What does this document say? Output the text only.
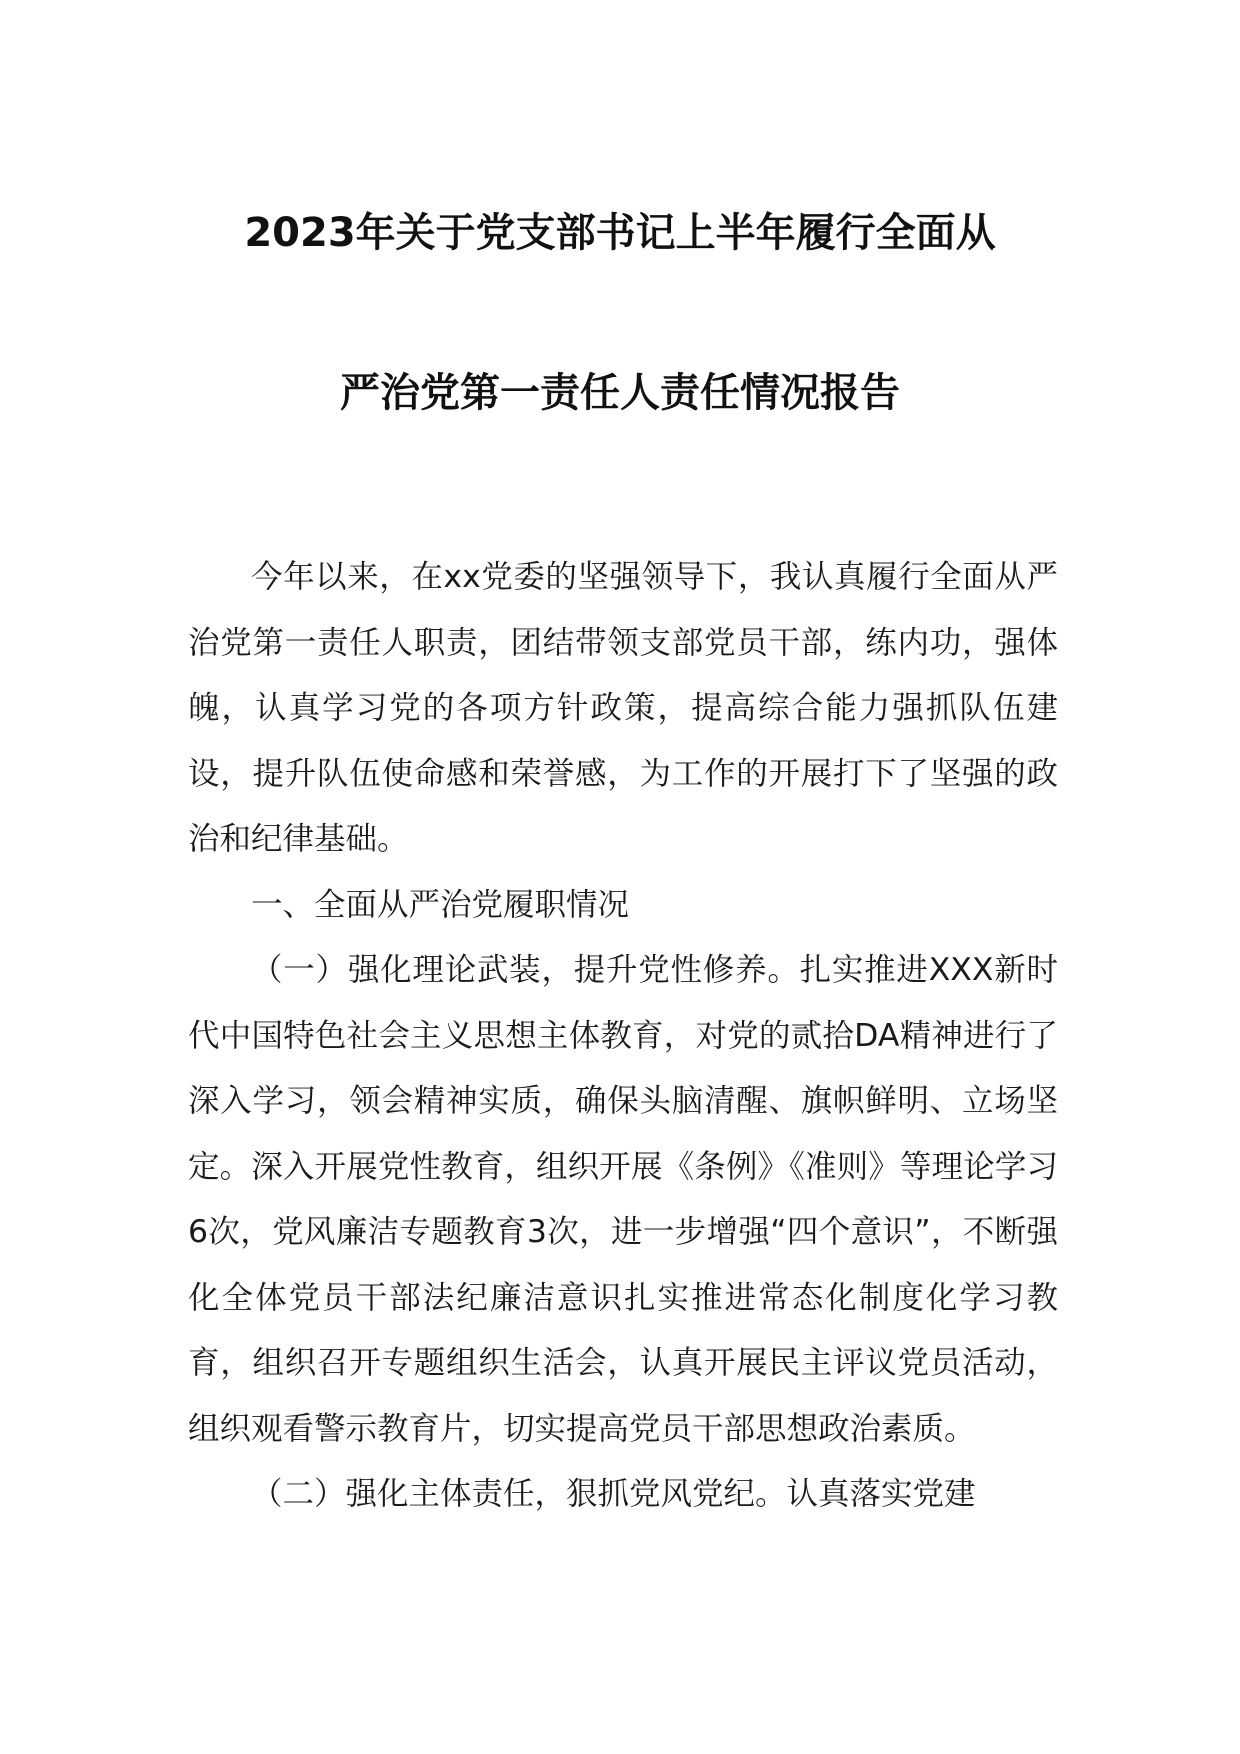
2023年关于党支部书记上半年履行全面从
严治党第一责任人责任情况报告

今年以来，在xx党委的坚强领导下，我认真履行全面从严治党第一责任人职责，团结带领支部党员干部，练内功，强体魄，认真学习党的各项方针政策，提高综合能力强抓队伍建设，提升队伍使命感和荣誉感，为工作的开展打下了坚强的政治和纪律基础。

一、全面从严治党履职情况

（一）强化理论武装，提升党性修养。扎实推进XXX新时代中国特色社会主义思想主体教育，对党的贰拾DA精神进行了深入学习，领会精神实质，确保头脑清醒、旗帜鲜明、立场坚定。深入开展党性教育，组织开展《条例》《准则》等理论学习6次，党风廉洁专题教育3次，进一步增强“四个意识”，不断强化全体党员干部法纪廉洁意识扎实推进常态化制度化学习教育，组织召开专题组织生活会，认真开展民主评议党员活动，组织观看警示教育片，切实提高党员干部思想政治素质。

（二）强化主体责任，狠抓党风党纪。认真落实党建
